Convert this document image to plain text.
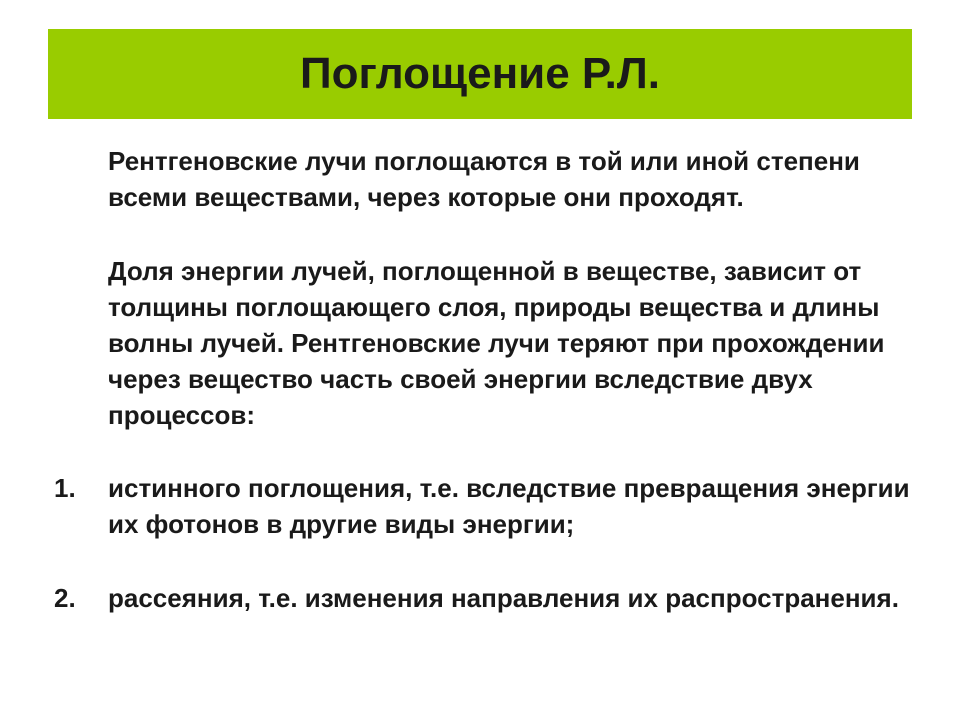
Поглощение Р.Л.

Рентгеновские лучи поглощаются в той или иной степени всеми веществами, через которые они проходят.

Доля энергии лучей, поглощенной в веществе, зависит от толщины поглощающего слоя, природы вещества и длины волны лучей. Рентгеновские лучи теряют при прохождении через вещество часть своей энергии вследствие двух процессов:

1. истинного поглощения, т.е. вследствие превращения энергии их фотонов в другие виды энергии;

2. рассеяния, т.е. изменения направления их распространения.
